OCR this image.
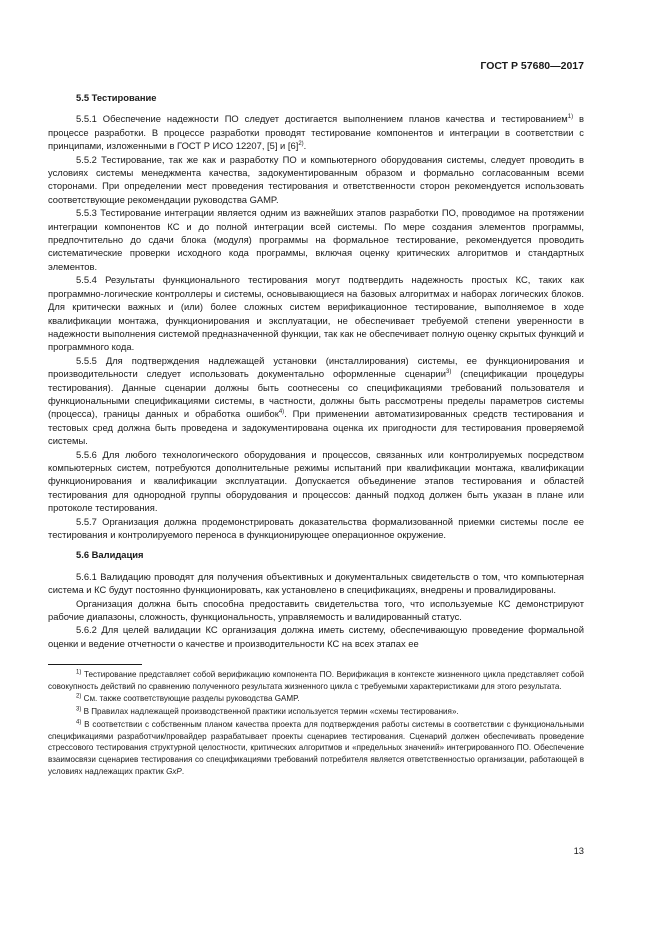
ГОСТ Р 57680—2017
5.5 Тестирование

5.5.1 Обеспечение надежности ПО следует достигается выполнением планов качества и тестированием$^{1)}$ в процессе разработки. В процессе разработки проводят тестирование компонентов и интеграции в соответствии с принципами, изложенными в ГОСТ Р ИСО 12207, [5] и $[6]^{2)}$.

5.5.2 Тестирование, так же как и разработку ПО и компьютерного оборудования системы, следует проводить в условиях системы менеджмента качества, задокументированным образом и формально согласованным всеми сторонами. При определении мест проведения тестирования и ответственности сторон рекомендуется использовать соответствующие рекомендации руководства GAMP.

5.5.3 Тестирование интеграции является одним из важнейших этапов разработки ПО, проводимое на протяжении интеграции компонентов КС и до полной интеграции всей системы. По мере создания элементов программы, предпочтительно до сдачи блока (модуля) программы на формальное тестирование, рекомендуется проводить систематические проверки исходного кода программы, включая оценку критических алгоритмов и стандартных элементов.

5.5.4 Результаты функционального тестирования могут подтвердить надежность простых КС, таких как программно-логические контроллеры и системы, основывающиеся на базовых алгоритмах и наборах логических блоков. Для критически важных и (или) более сложных систем верификационное тестирование, выполняемое в ходе квалификации монтажа, функционирования и эксплуатации, не обеспечивает требуемой степени уверенности в надежности выполнения системой предназначенной функции, так как не обеспечивает полную оценку скрытых функций и программного кода.

5.5.5 Для подтверждения надлежащей установки (инсталлирования) системы, ее функционирования и производительности следует использовать документально оформленные сценарии$^{3)}$ (спецификации процедуры тестирования). Данные сценарии должны быть соотнесены со спецификациями требований пользователя и функциональными спецификациями системы, в частности, должны быть рассмотрены пределы параметров системы (процесса), границы данных и обработка ошибок$^{4)}$. При применении автоматизированных средств тестирования и тестовых сред должна быть проведена и задокументирована оценка их пригодности для тестирования проверяемой системы.

5.5.6 Для любого технологического оборудования и процессов, связанных или контролируемых посредством компьютерных систем, потребуются дополнительные режимы испытаний при квалификации монтажа, квалификации функционирования и квалификации эксплуатации. Допускается объединение этапов тестирования и областей тестирования для однородной группы оборудования и процессов: данный подход должен быть указан в плане или протоколе тестирования.

5.5.7 Организация должна продемонстрировать доказательства формализованной приемки системы после ее тестирования и контролируемого переноса в функционирующее операционное окружение.

5.6 Валидация

5.6.1 Валидацию проводят для получения объективных и документальных свидетельств о том, что компьютерная система и КС будут постоянно функционировать, как установлено в спецификациях, внедрены и провалидированы.

Организация должна быть способна предоставить свидетельства того, что используемые КС демонстрируют рабочие диапазоны, сложность, функциональность, управляемость и валидированный статус.

5.6.2 Для целей валидации КС организация должна иметь систему, обеспечивающую проведение формальной оценки и ведение отчетности о качестве и производительности КС на всех этапах ее

$^{1)}$ Тестирование представляет собой верификацию компонента ПО. Верификация в контексте жизненного цикла представляет собой совокупность действий по сравнению полученного результата жизненного цикла с требуемыми характеристиками для этого результата.

$^{2)}$ См. также соответствующие разделы руководства GAMP.

$^{3)}$ В Правилах надлежащей производственной практики используется термин «схемы тестирования».

$^{4)}$ В соответствии с собственным планом качества проекта для подтверждения работы системы в соответствии с функциональными спецификациями разработчик/провайдер разрабатывает проекты сценариев тестирования. Сценарий должен обеспечивать проведение стрессового тестирования структурной целостности, критических алгоритмов и «предельных значений» интегрированного ПО. Обеспечение взаимосвязи сценариев тестирования со спецификациями требований потребителя является ответственностью организации, работающей в условиях надлежащих практик GxP.

13
